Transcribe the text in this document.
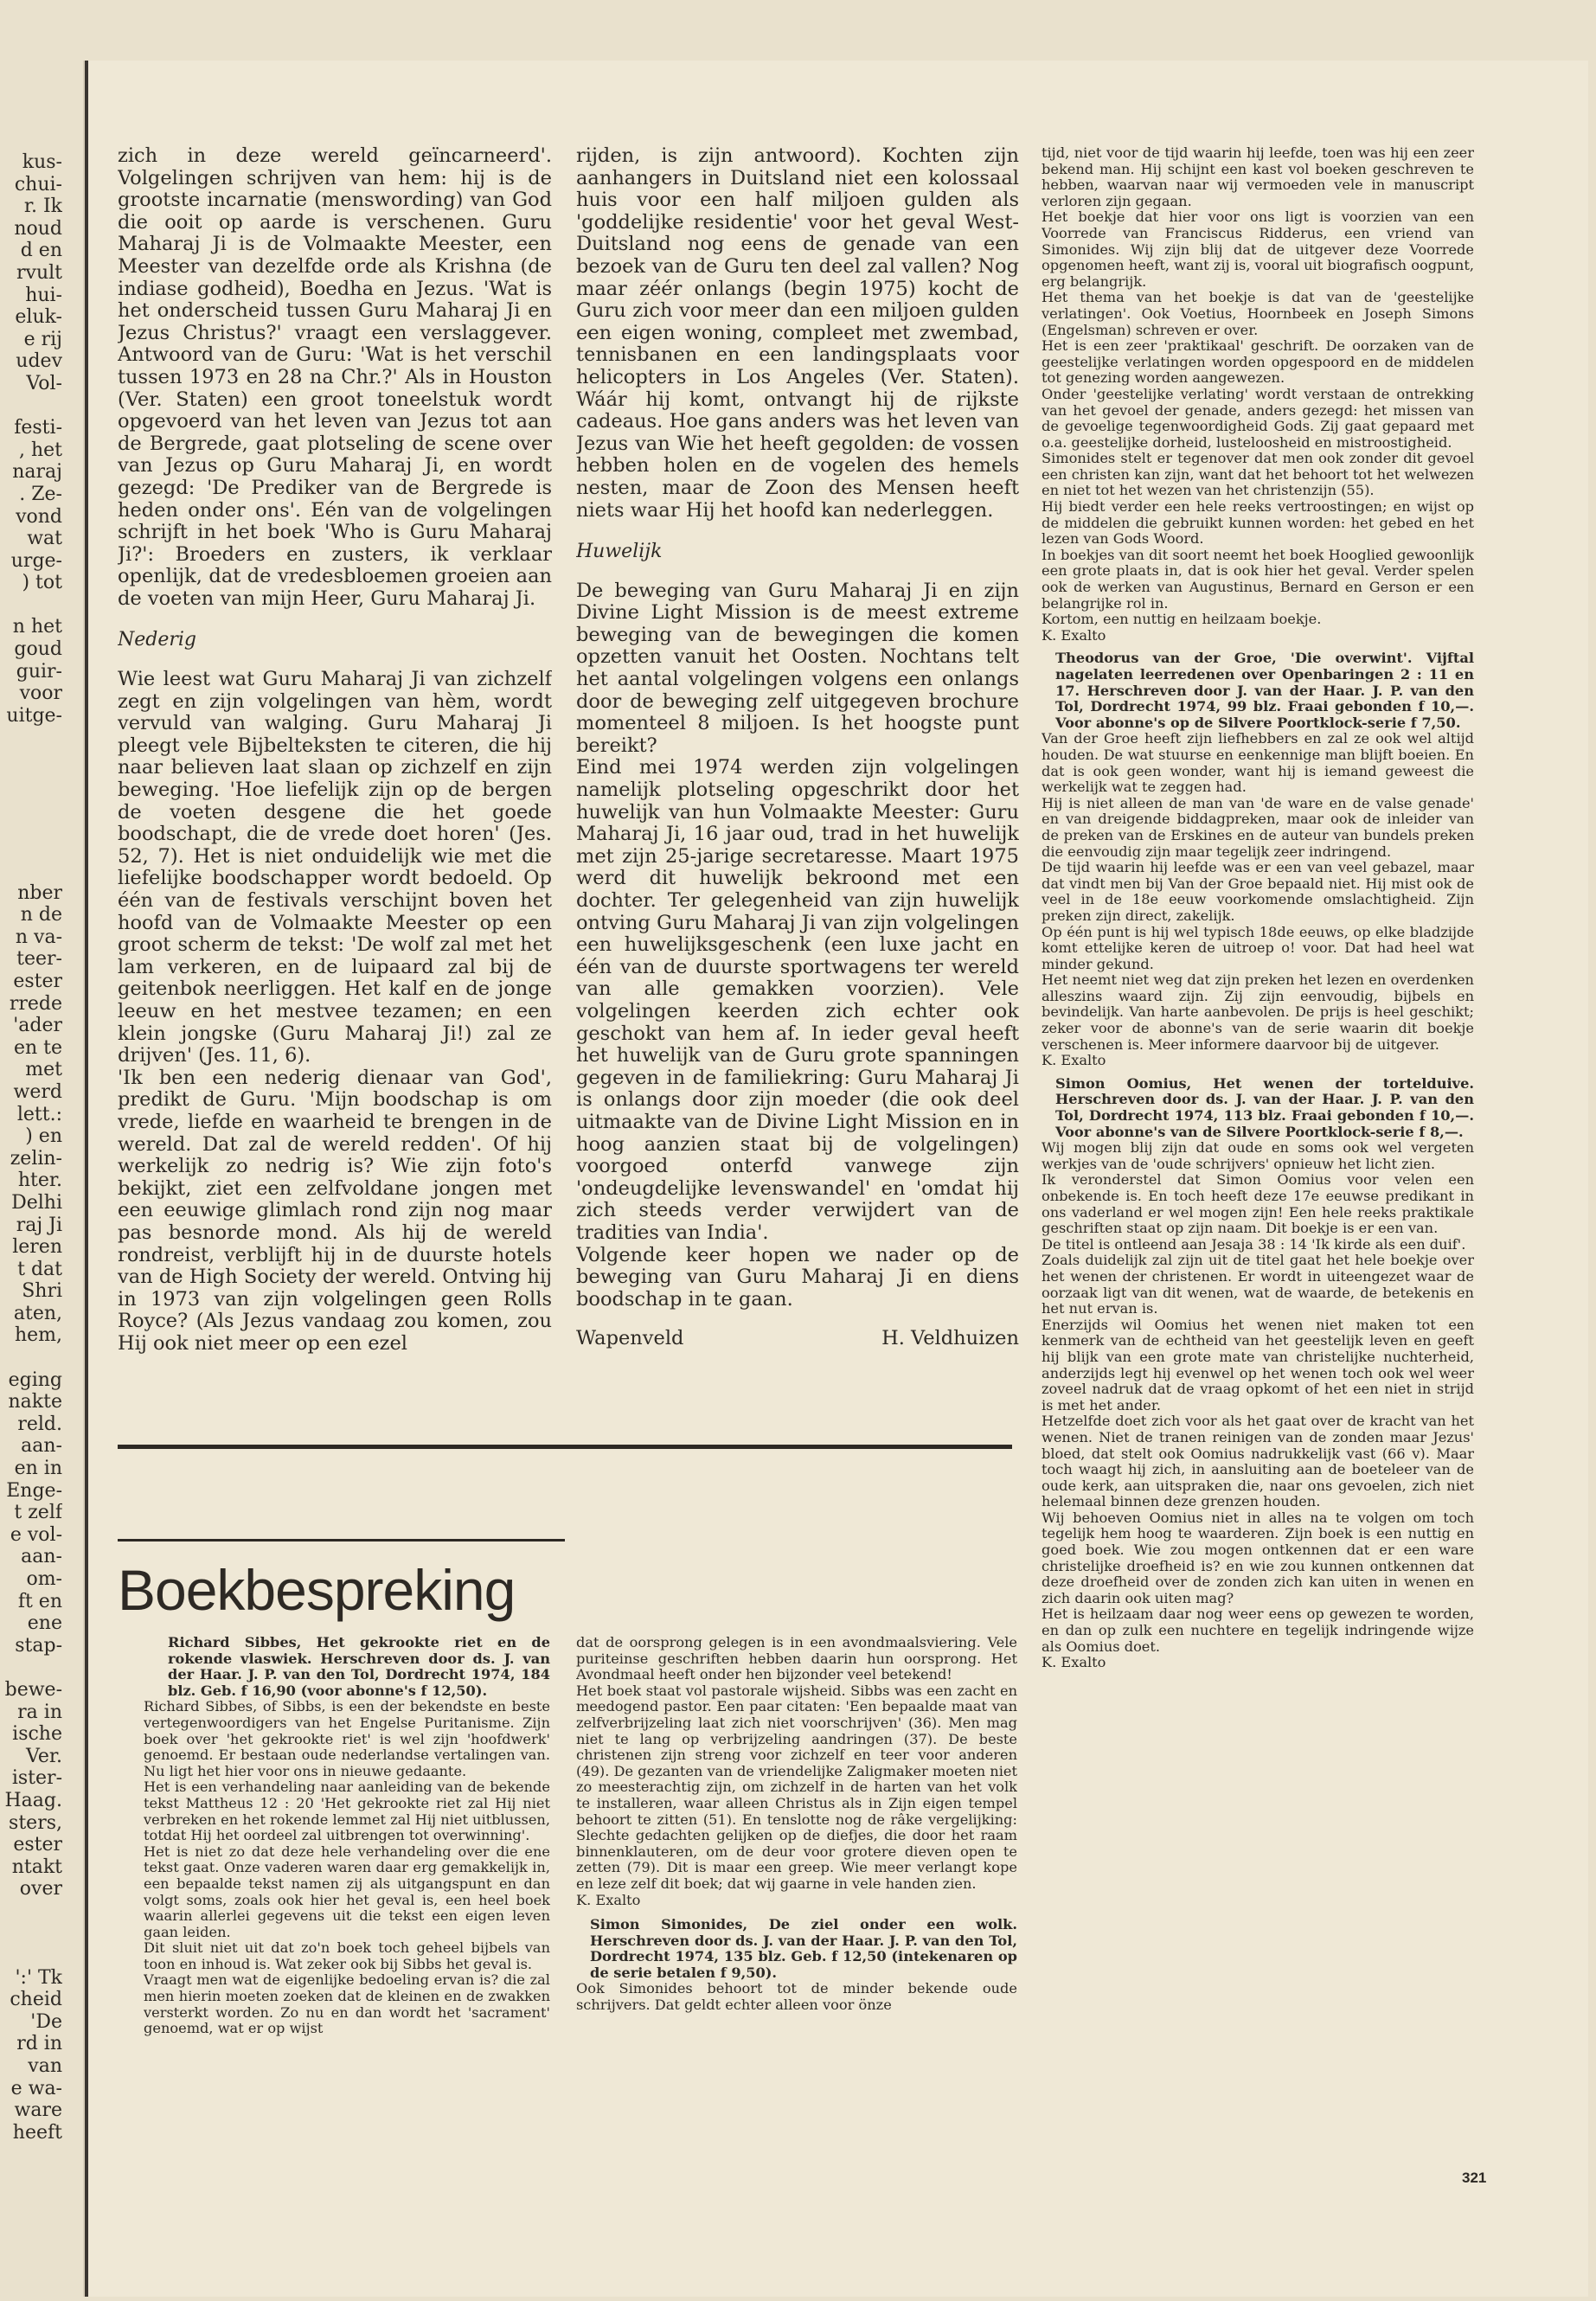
kus-
chui-
r. Ik
noud
d en
rvult
hui-
eluk-
e rij
udev
Vol-
festi-
, het
naraj
. Ze-
vond
wat
urge-
) tot
n het
goud
guir-
voor
uitge-
nber
n de
n va-
teer-
ester
rrede
'ader
en te
met
werd
lett.:
) en
zelin-
hter.
Delhi
raj Ji
leren
t dat
Shri
aten,
hem,
eging
nakte
reld.
aan-
en in
Enge-
t zelf
e vol-
aan-
om-
ft en
ene
stap-
bewe-
ra in
ische
Ver.
ister-
Haag.
sters,
ester
ntakt
over
':' Tk
cheid
'De
rd in
van
e wa-
ware
heeft

zich in deze wereld geïncarneerd'. Volgelingen schrijven van hem: hij is de grootste incarnatie (menswording) van God die ooit op aarde is verschenen. Guru Maharaj Ji is de Volmaakte Meester, een Meester van dezelfde orde als Krishna (de indiase godheid), Boedha en Jezus. 'Wat is het onderscheid tussen Guru Maharaj Ji en Jezus Christus?' vraagt een verslaggever. Antwoord van de Guru: 'Wat is het verschil tussen 1973 en 28 na Chr.?' Als in Houston (Ver. Staten) een groot toneelstuk wordt opgevoerd van het leven van Jezus tot aan de Bergrede, gaat plotseling de scene over van Jezus op Guru Maharaj Ji, en wordt gezegd: 'De Prediker van de Bergrede is heden onder ons'. Eén van de volgelingen schrijft in het boek 'Who is Guru Maharaj Ji?': Broeders en zusters, ik verklaar openlijk, dat de vredesbloemen groeien aan de voeten van mijn Heer, Guru Maharaj Ji.

Nederig

Wie leest wat Guru Maharaj Ji van zichzelf zegt en zijn volgelingen van hèm, wordt vervuld van walging. Guru Maharaj Ji pleegt vele Bijbelteksten te citeren, die hij naar believen laat slaan op zichzelf en zijn beweging. 'Hoe liefelijk zijn op de bergen de voeten desgene die het goede boodschapt, die de vrede doet horen' (Jes. 52, 7). Het is niet onduidelijk wie met die liefelijke boodschapper wordt bedoeld. Op één van de festivals verschijnt boven het hoofd van de Volmaakte Meester op een groot scherm de tekst: 'De wolf zal met het lam verkeren, en de luipaard zal bij de geitenbok neerliggen. Het kalf en de jonge leeuw en het mestvee tezamen; en een klein jongske (Guru Maharaj Ji!) zal ze drijven' (Jes. 11, 6).

'Ik ben een nederig dienaar van God', predikt de Guru. 'Mijn boodschap is om vrede, liefde en waarheid te brengen in de wereld. Dat zal de wereld redden'. Of hij werkelijk zo nedrig is? Wie zijn foto's bekijkt, ziet een zelfvoldane jongen met een eeuwige glimlach rond zijn nog maar pas besnorde mond. Als hij de wereld rondreist, verblijft hij in de duurste hotels van de High Society der wereld. Ontving hij in 1973 van zijn volgelingen geen Rolls Royce? (Als Jezus vandaag zou komen, zou Hij ook niet meer op een ezel

rijden, is zijn antwoord). Kochten zijn aanhangers in Duitsland niet een kolossaal huis voor een half miljoen gulden als 'goddelijke residentie' voor het geval West- Duitsland nog eens de genade van een bezoek van de Guru ten deel zal vallen? Nog maar zéér onlangs (begin 1975) kocht de Guru zich voor meer dan een miljoen gulden een eigen woning, compleet met zwembad, tennisbanen en een landingsplaats voor helicopters in Los Angeles (Ver. Staten). Wáár hij komt, ontvangt hij de rijkste cadeaus. Hoe gans anders was het leven van Jezus van Wie het heeft gegolden: de vossen hebben holen en de vogelen des hemels nesten, maar de Zoon des Mensen heeft niets waar Hij het hoofd kan nederleggen.

Huwelijk

De beweging van Guru Maharaj Ji en zijn Divine Light Mission is de meest extreme beweging van de bewegingen die komen opzetten vanuit het Oosten. Nochtans telt het aantal volgelingen volgens een onlangs door de beweging zelf uitgegeven brochure momenteel 8 miljoen. Is het hoogste punt bereikt?

Eind mei 1974 werden zijn volgelingen namelijk plotseling opgeschrikt door het huwelijk van hun Volmaakte Meester: Guru Maharaj Ji, 16 jaar oud, trad in het huwelijk met zijn 25-jarige secretaresse. Maart 1975 werd dit huwelijk bekroond met een dochter. Ter gelegenheid van zijn huwelijk ontving Guru Maharaj Ji van zijn volgelingen een huwelijksgeschenk (een luxe jacht en één van de duurste sportwagens ter wereld van alle gemakken voorzien). Vele volgelingen keerden zich echter ook geschokt van hem af. In ieder geval heeft het huwelijk van de Guru grote spanningen gegeven in de familiekring: Guru Maharaj Ji is onlangs door zijn moeder (die ook deel uitmaakte van de Divine Light Mission en in hoog aanzien staat bij de volgelingen) voorgoed onterfd vanwege zijn 'ondeugdelijke levenswandel' en 'omdat hij zich steeds verder verwijdert van de tradities van India'.

Volgende keer hopen we nader op de beweging van Guru Maharaj Ji en diens boodschap in te gaan.

Wapenveld	H. Veldhuizen
Boekbespreking

Richard Sibbes, Het gekrookte riet en de rokende vlaswiek. Herschreven door ds. J. van der Haar. J. P. van den Tol, Dordrecht 1974, 184 blz. Geb. f 16,90 (voor abonne's f 12,50).

Richard Sibbes, of Sibbs, is een der bekendste en beste vertegenwoordigers van het Engelse Puritanisme. Zijn boek over 'het gekrookte riet' is wel zijn 'hoofdwerk' genoemd. Er bestaan oude nederlandse vertalingen van. Nu ligt het hier voor ons in nieuwe gedaante.

Het is een verhandeling naar aanleiding van de bekende tekst Mattheus 12 : 20 'Het gekrookte riet zal Hij niet verbreken en het rokende lemmet zal Hij niet uitblussen, totdat Hij het oordeel zal uitbrengen tot overwinning'.

Het is niet zo dat deze hele verhandeling over die ene tekst gaat. Onze vaderen waren daar erg gemakkelijk in, een bepaalde tekst namen zij als uitgangspunt en dan volgt soms, zoals ook hier het geval is, een heel boek waarin allerlei gegevens uit die tekst een eigen leven gaan leiden.

Dit sluit niet uit dat zo'n boek toch geheel bijbels van toon en inhoud is. Wat zeker ook bij Sibbs het geval is.

Vraagt men wat de eigenlijke bedoeling ervan is? die zal men hierin moeten zoeken dat de kleinen en de zwakken versterkt worden. Zo nu en dan wordt het 'sacrament' genoemd, wat er op wijst

dat de oorsprong gelegen is in een avondmaalsviering. Vele puriteinse geschriften hebben daarin hun oorsprong. Het Avondmaal heeft onder hen bijzonder veel betekend!

Het boek staat vol pastorale wijsheid. Sibbs was een zacht en meedogend pastor. Een paar citaten: 'Een bepaalde maat van zelfverbrijzeling laat zich niet voorschrijven' (36). Men mag niet te lang op verbrijzeling aandringen (37). De beste christenen zijn streng voor zichzelf en teer voor anderen (49). De gezanten van de vriendelijke Zaligmaker moeten niet zo meesterachtig zijn, om zichzelf in de harten van het volk te installeren, waar alleen Christus als in Zijn eigen tempel behoort te zitten (51). En tenslotte nog de râke vergelijking: Slechte gedachten gelijken op de diefjes, die door het raam binnenklauteren, om de deur voor grotere dieven open te zetten (79). Dit is maar een greep. Wie meer verlangt kope en leze zelf dit boek; dat wij gaarne in vele handen zien.

K. Exalto

Simon Simonides, De ziel onder een wolk. Herschreven door ds. J. van der Haar. J. P. van den Tol, Dordrecht 1974, 135 blz. Geb. f 12,50 (intekenaren op de serie betalen f 9,50).

Ook Simonides behoort tot de minder bekende oude schrijvers. Dat geldt echter alleen voor önze

tijd, niet voor de tijd waarin hij leefde, toen was hij een zeer bekend man. Hij schijnt een kast vol boeken geschreven te hebben, waarvan naar wij vermoeden vele in manuscript verloren zijn gegaan.

Het boekje dat hier voor ons ligt is voorzien van een Voorrede van Franciscus Ridderus, een vriend van Simonides. Wij zijn blij dat de uitgever deze Voorrede opgenomen heeft, want zij is, vooral uit biografisch oogpunt, erg belangrijk.

Het thema van het boekje is dat van de 'geestelijke verlatingen'. Ook Voetius, Hoornbeek en Joseph Simons (Engelsman) schreven er over.

Het is een zeer 'praktikaal' geschrift. De oorzaken van de geestelijke verlatingen worden opgespoord en de middelen tot genezing worden aangewezen.

Onder 'geestelijke verlating' wordt verstaan de ontrekking van het gevoel der genade, anders gezegd: het missen van de gevoelige tegenwoordigheid Gods. Zij gaat gepaard met o.a. geestelijke dorheid, lusteloosheid en mistroostigheid.

Simonides stelt er tegenover dat men ook zonder dit gevoel een christen kan zijn, want dat het behoort tot het welwezen en niet tot het wezen van het christenzijn (55).

Hij biedt verder een hele reeks vertroostingen; en wijst op de middelen die gebruikt kunnen worden: het gebed en het lezen van Gods Woord.

In boekjes van dit soort neemt het boek Hooglied gewoonlijk een grote plaats in, dat is ook hier het geval. Verder spelen ook de werken van Augustinus, Bernard en Gerson er een belangrijke rol in.

Kortom, een nuttig en heilzaam boekje.

K. Exalto

Theodorus van der Groe, 'Die overwint'. Vijftal nagelaten leerredenen over Openbaringen 2 : 11 en 17. Herschreven door J. van der Haar. J. P. van den Tol, Dordrecht 1974, 99 blz. Fraai gebonden f 10,—. Voor abonne's op de Silvere Poortklock-serie f 7,50.

Van der Groe heeft zijn liefhebbers en zal ze ook wel altijd houden. De wat stuurse en eenkennige man blijft boeien. En dat is ook geen wonder, want hij is iemand geweest die werkelijk wat te zeggen had.

Hij is niet alleen de man van 'de ware en de valse genade' en van dreigende biddagpreken, maar ook de inleider van de preken van de Erskines en de auteur van bundels preken die eenvoudig zijn maar tegelijk zeer indringend.

De tijd waarin hij leefde was er een van veel gebazel, maar dat vindt men bij Van der Groe bepaald niet. Hij mist ook de veel in de 18e eeuw voorkomende omslachtigheid. Zijn preken zijn direct, zakelijk.

Op één punt is hij wel typisch 18de eeuws, op elke bladzijde komt ettelijke keren de uitroep o! voor. Dat had heel wat minder gekund.

Het neemt niet weg dat zijn preken het lezen en overdenken alleszins waard zijn. Zij zijn eenvoudig, bijbels en bevindelijk. Van harte aanbevolen. De prijs is heel geschikt; zeker voor de abonne's van de serie waarin dit boekje verschenen is. Meer informere daarvoor bij de uitgever.

K. Exalto

Simon Oomius, Het wenen der tortelduive. Herschreven door ds. J. van der Haar. J. P. van den Tol, Dordrecht 1974, 113 blz. Fraai gebonden f 10,—. Voor abonne's van de Silvere Poortklock-serie f 8,—.

Wij mogen blij zijn dat oude en soms ook wel vergeten werkjes van de 'oude schrijvers' opnieuw het licht zien.

Ik veronderstel dat Simon Oomius voor velen een onbekende is. En toch heeft deze 17e eeuwse predikant in ons vaderland er wel mogen zijn! Een hele reeks praktikale geschriften staat op zijn naam. Dit boekje is er een van.

De titel is ontleend aan Jesaja 38 : 14 'Ik kirde als een duif'.

Zoals duidelijk zal zijn uit de titel gaat het hele boekje over het wenen der christenen. Er wordt in uiteengezet waar de oorzaak ligt van dit wenen, wat de waarde, de betekenis en het nut ervan is.

Enerzijds wil Oomius het wenen niet maken tot een kenmerk van de echtheid van het geestelijk leven en geeft hij blijk van een grote mate van christelijke nuchterheid, anderzijds legt hij evenwel op het wenen toch ook wel weer zoveel nadruk dat de vraag opkomt of het een niet in strijd is met het ander.

Hetzelfde doet zich voor als het gaat over de kracht van het wenen. Niet de tranen reinigen van de zonden maar Jezus' bloed, dat stelt ook Oomius nadrukkelijk vast (66 v). Maar toch waagt hij zich, in aansluiting aan de boeteleer van de oude kerk, aan uitspraken die, naar ons gevoelen, zich niet helemaal binnen deze grenzen houden.

Wij behoeven Oomius niet in alles na te volgen om toch tegelijk hem hoog te waarderen. Zijn boek is een nuttig en goed boek. Wie zou mogen ontkennen dat er een ware christelijke droefheid is? en wie zou kunnen ontkennen dat deze droefheid over de zonden zich kan uiten in wenen en zich daarin ook uiten mag?

Het is heilzaam daar nog weer eens op gewezen te worden, en dan op zulk een nuchtere en tegelijk indringende wijze als Oomius doet.

K. Exalto

321
